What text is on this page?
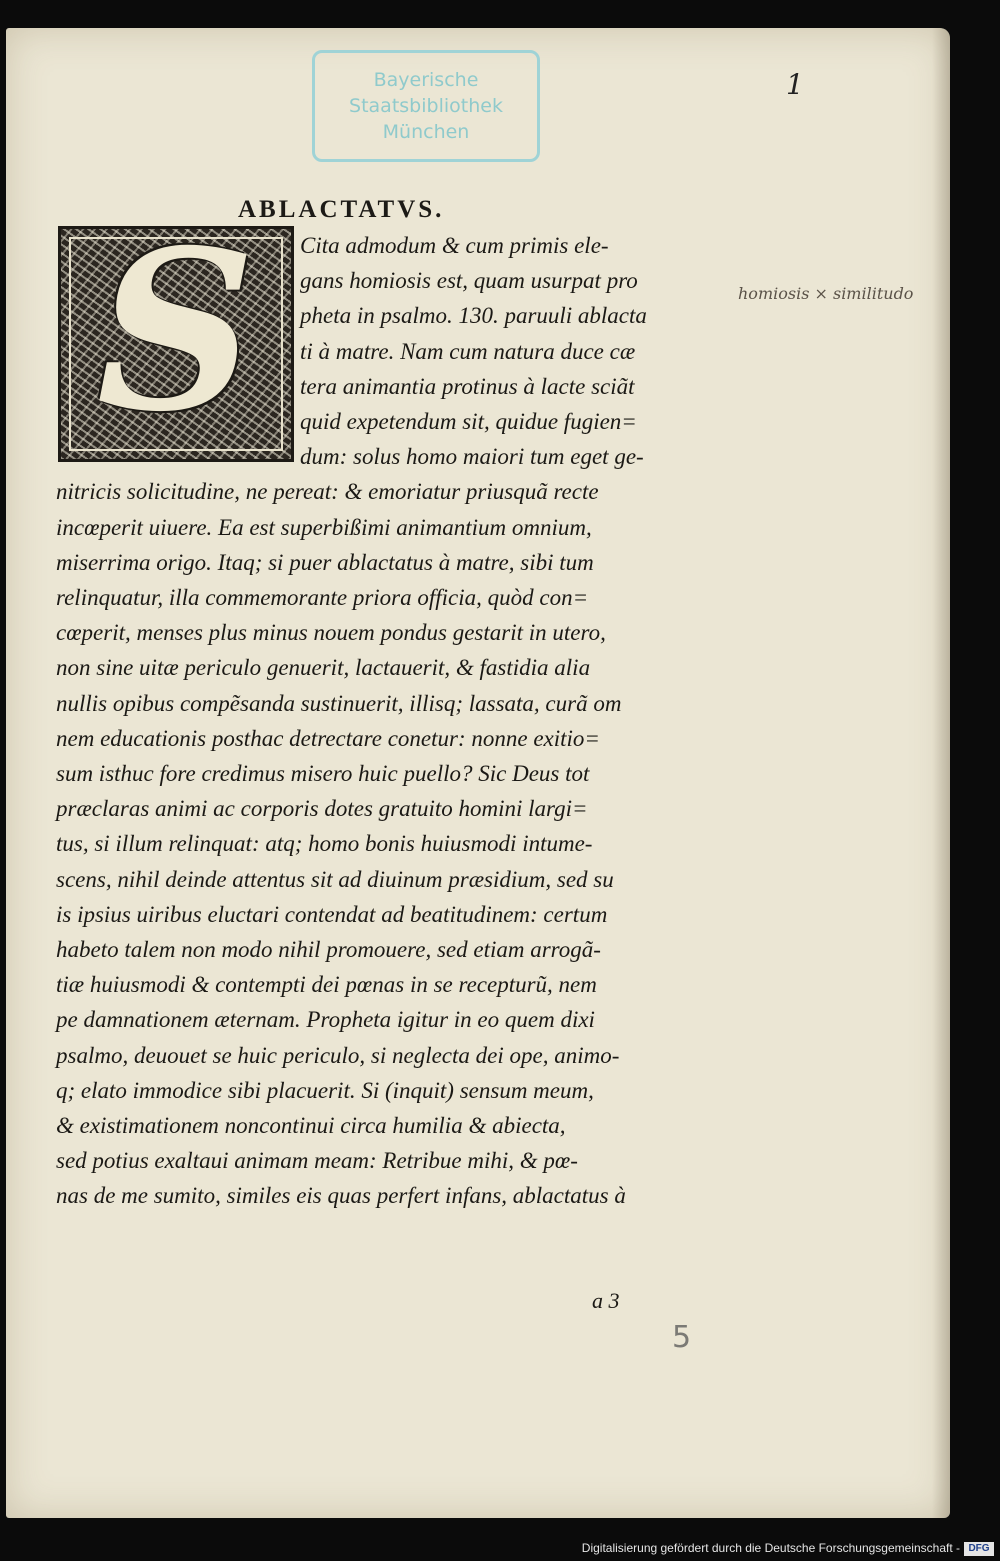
1
Bayerische
Staatsbibliothek
München
ABLACTATVS.
S	homiosis × similitudo
Cita admodum & cum primis ele-
gans homiosis est, quam usurpat pro
pheta in psalmo. 130. paruuli ablacta
ti à matre. Nam cum natura duce cæ
tera animantia protinus à lacte sciãt
quid expetendum sit, quidue fugien=
dum: solus homo maiori tum eget ge-
nitricis solicitudine, ne pereat: & emoriatur priusquã recte
incœperit uiuere. Ea est superbißimi animantium omnium,
miserrima origo. Itaq; si puer ablactatus à matre, sibi tum
relinquatur, illa commemorante priora officia, quòd con=
cœperit, menses plus minus nouem pondus gestarit in utero,
non sine uitæ periculo genuerit, lactauerit, & fastidia alia
nullis opibus compẽsanda sustinuerit, illisq; lassata, curã om
nem educationis posthac detrectare conetur: nonne exitio=
sum isthuc fore credimus misero huic puello? Sic Deus tot
præclaras animi ac corporis dotes gratuito homini largi=
tus, si illum relinquat: atq; homo bonis huiusmodi intume-
scens, nihil deinde attentus sit ad diuinum præsidium, sed su
is ipsius uiribus eluctari contendat ad beatitudinem: certum
habeto talem non modo nihil promouere, sed etiam arrogã-
tiæ huiusmodi & contempti dei pœnas in se recepturũ, nem
pe damnationem æternam. Propheta igitur in eo quem dixi
psalmo, deuouet se huic periculo, si neglecta dei ope, animo-
q; elato immodice sibi placuerit. Si (inquit) sensum meum,
& existimationem noncontinui circa humilia & abiecta,
sed potius exaltaui animam meam: Retribue mihi, & pœ-
nas de me sumito, similes eis quas perfert infans, ablactatus à
a 3
5
Digitalisierung gefördert durch die Deutsche Forschungsgemeinschaft - DFG
